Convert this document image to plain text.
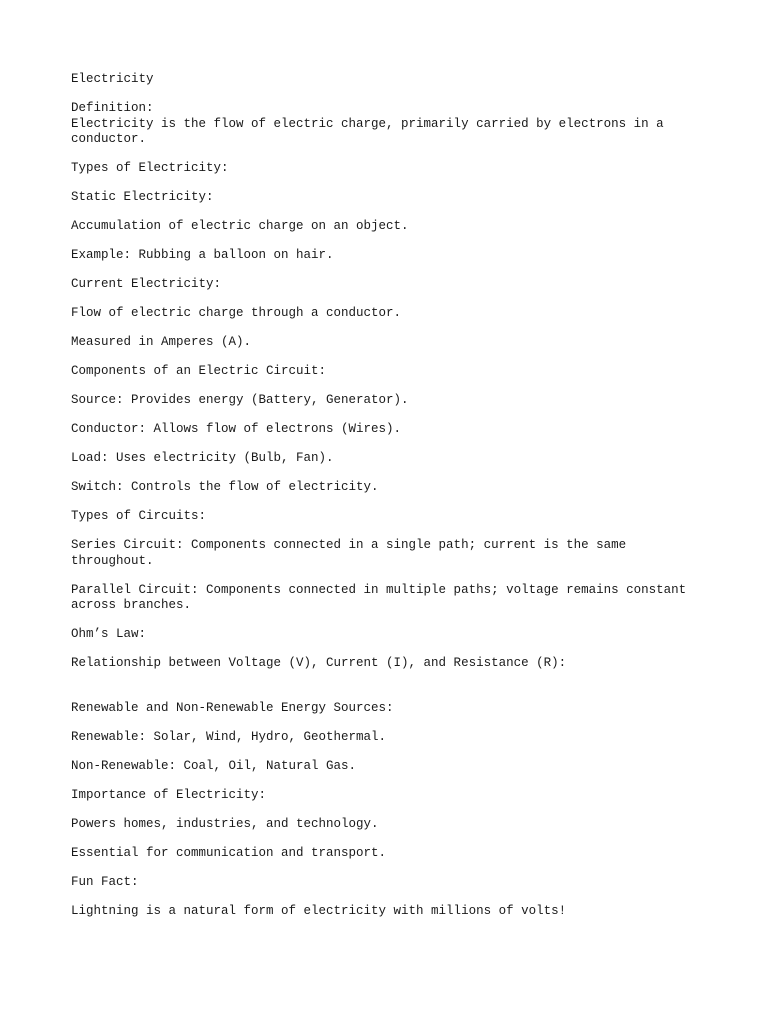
Electricity

Definition:

Electricity is the flow of electric charge, primarily carried by electrons in a conductor.

Types of Electricity:

Static Electricity:

Accumulation of electric charge on an object.

Example: Rubbing a balloon on hair.

Current Electricity:

Flow of electric charge through a conductor.

Measured in Amperes (A).

Components of an Electric Circuit:

Source: Provides energy (Battery, Generator).

Conductor: Allows flow of electrons (Wires).

Load: Uses electricity (Bulb, Fan).

Switch: Controls the flow of electricity.

Types of Circuits:

Series Circuit: Components connected in a single path; current is the same throughout.

Parallel Circuit: Components connected in multiple paths; voltage remains constant across branches.

Ohm’s Law:

Relationship between Voltage (V), Current (I), and Resistance (R):

Renewable and Non-Renewable Energy Sources:

Renewable: Solar, Wind, Hydro, Geothermal.

Non-Renewable: Coal, Oil, Natural Gas.

Importance of Electricity:

Powers homes, industries, and technology.

Essential for communication and transport.

Fun Fact:

Lightning is a natural form of electricity with millions of volts!
